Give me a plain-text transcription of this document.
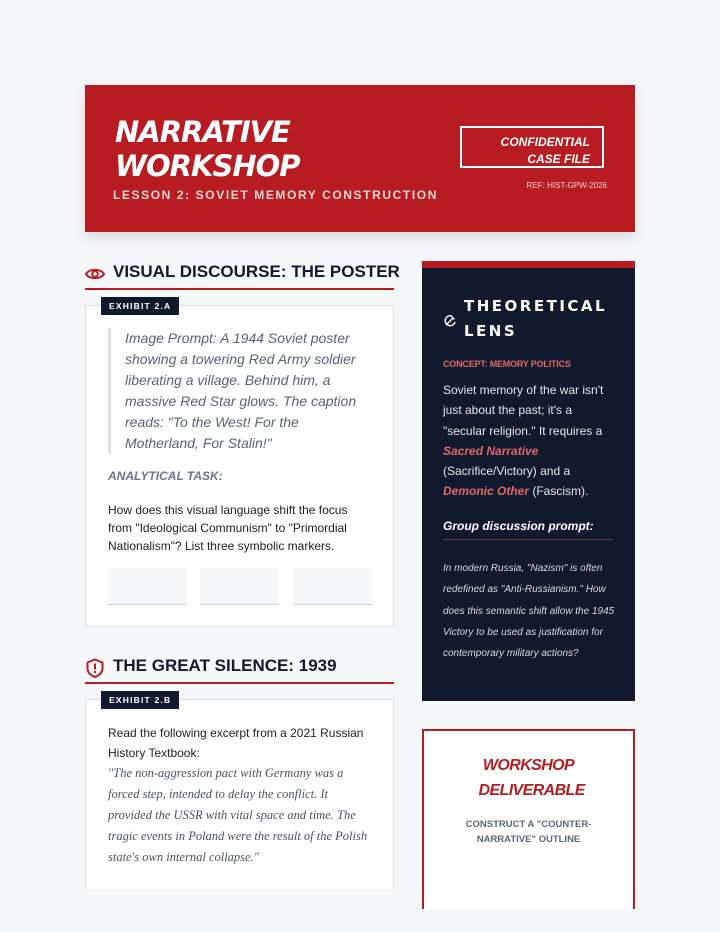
NARRATIVE WORKSHOP
LESSON 2: SOVIET MEMORY CONSTRUCTION
CONFIDENTIAL CASE FILE
REF: HIST-GPW-2026
VISUAL DISCOURSE: THE POSTER
Image Prompt: A 1944 Soviet poster showing a towering Red Army soldier liberating a village. Behind him, a massive Red Star glows. The caption reads: "To the West! For the Motherland, For Stalin!"
ANALYTICAL TASK:
How does this visual language shift the focus from "Ideological Communism" to "Primordial Nationalism"? List three symbolic markers.
EXHIBIT 2.A
THE GREAT SILENCE: 1939
Read the following excerpt from a 2021 Russian History Textbook:
"The non-aggression pact with Germany was a forced step, intended to delay the conflict. It provided the USSR with vital space and time. The tragic events in Poland were the result of the Polish state's own internal collapse."
EXHIBIT 2.B
THEORETICAL LENS
CONCEPT: MEMORY POLITICS
Soviet memory of the war isn't just about the past; it's a "secular religion." It requires a Sacred Narrative (Sacrifice/Victory) and a Demonic Other (Fascism).
Group discussion prompt:
In modern Russia, "Nazism" is often redefined as "Anti-Russianism." How does this semantic shift allow the 1945 Victory to be used as justification for contemporary military actions?
WORKSHOP DELIVERABLE
CONSTRUCT A "COUNTER-NARRATIVE" OUTLINE
